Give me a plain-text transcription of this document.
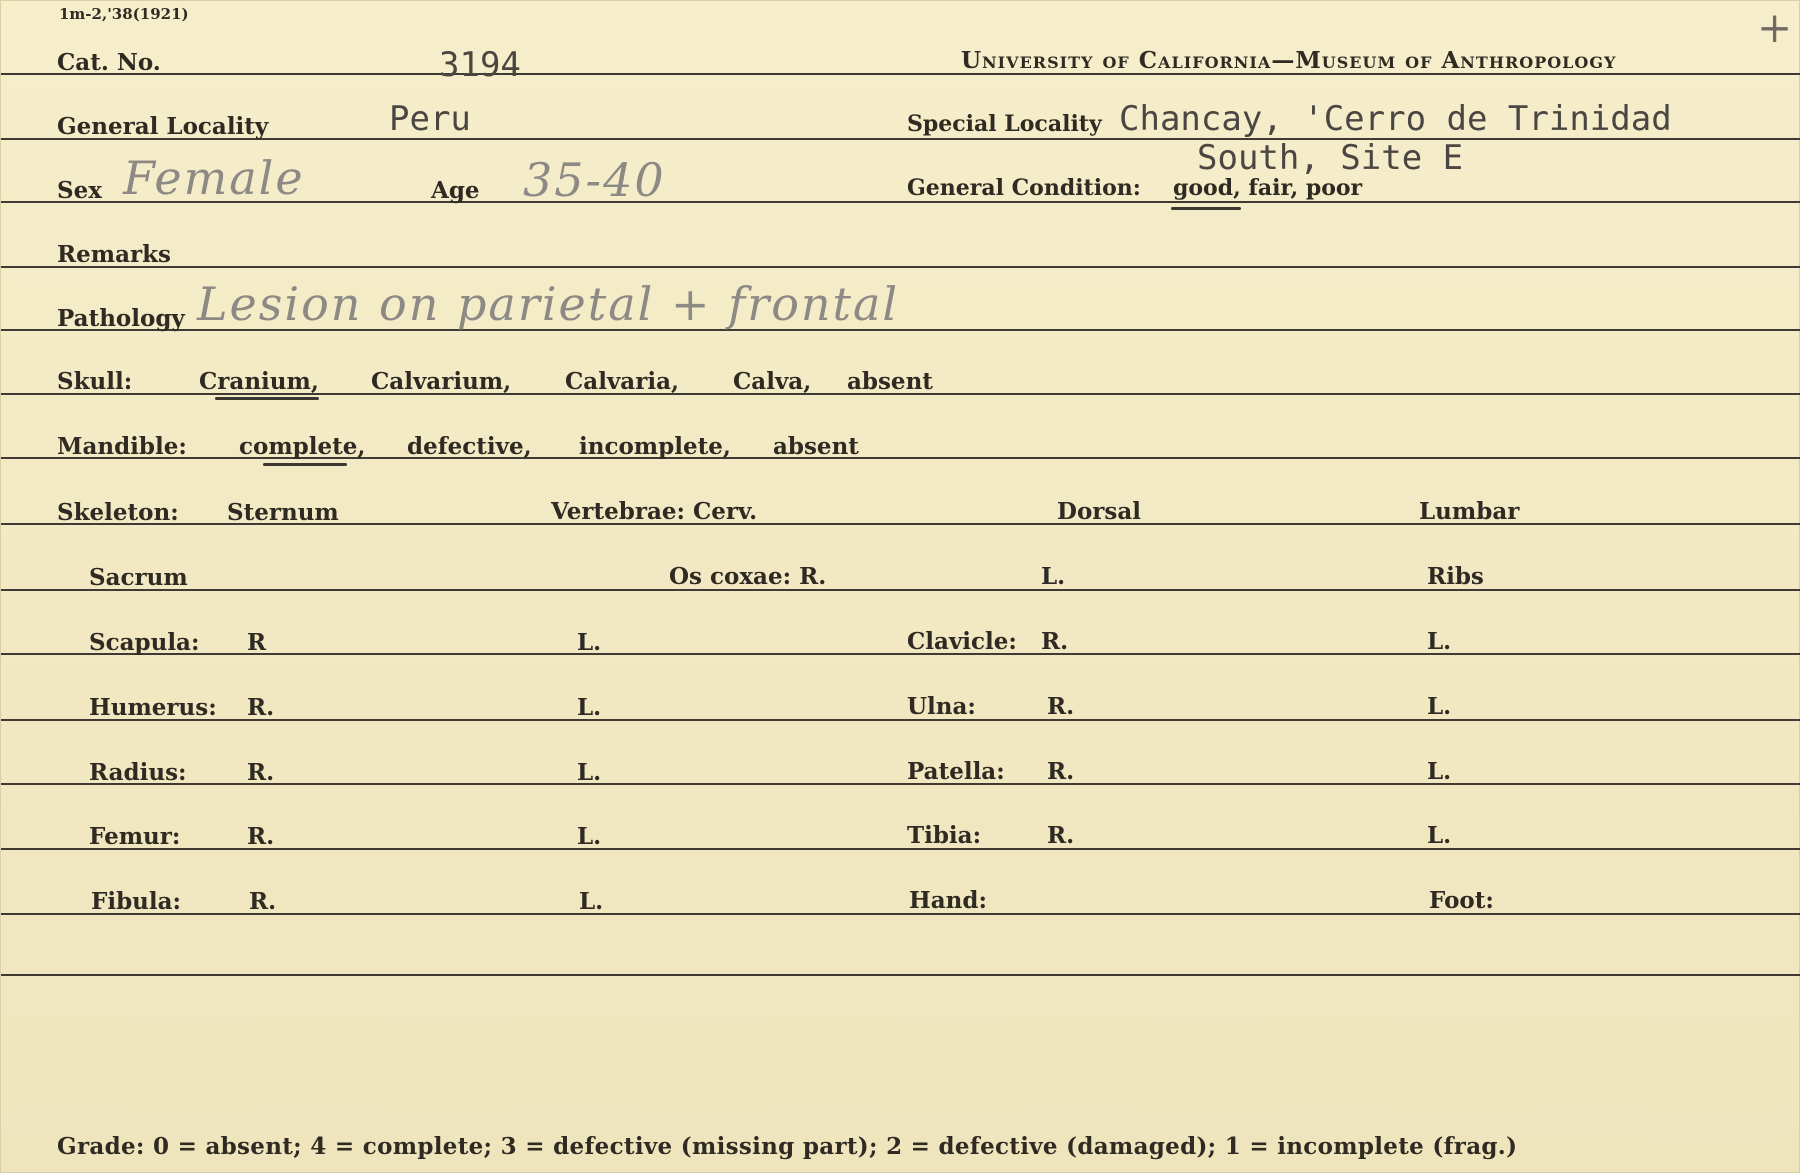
1m-2,'38(1921)
Cat. No.	3194	University of California—Museum of Anthropology
+
General Locality	Peru	Special Locality Chancay, 'Cerro de Trinidad
South, Site E
Sex Female	Age 35-40	General Condition: good, fair, poor
Remarks
Pathology Lesion on parietal + frontal
Skull:	Cranium, Calvarium, Calvaria, Calva, absent
Mandible: complete, defective, incomplete, absent
Skeleton: Sternum	Vertebrae: Cerv.	Dorsal	Lumbar
Sacrum	Os coxae: R.	L.	Ribs
Scapula: R	L.	Clavicle: R.	L.
Humerus: R.	L.	Ulna:	R.	L.
Radius:	R.	L.	Patella: R.	L.
Femur:	R.	L.	Tibia:	R.	L.
Fibula:	R.	L.	Hand:	Foot:
Grade: 0 = absent; 4 = complete; 3 = defective (missing part); 2 = defective (damaged); 1 = incomplete (frag.)
